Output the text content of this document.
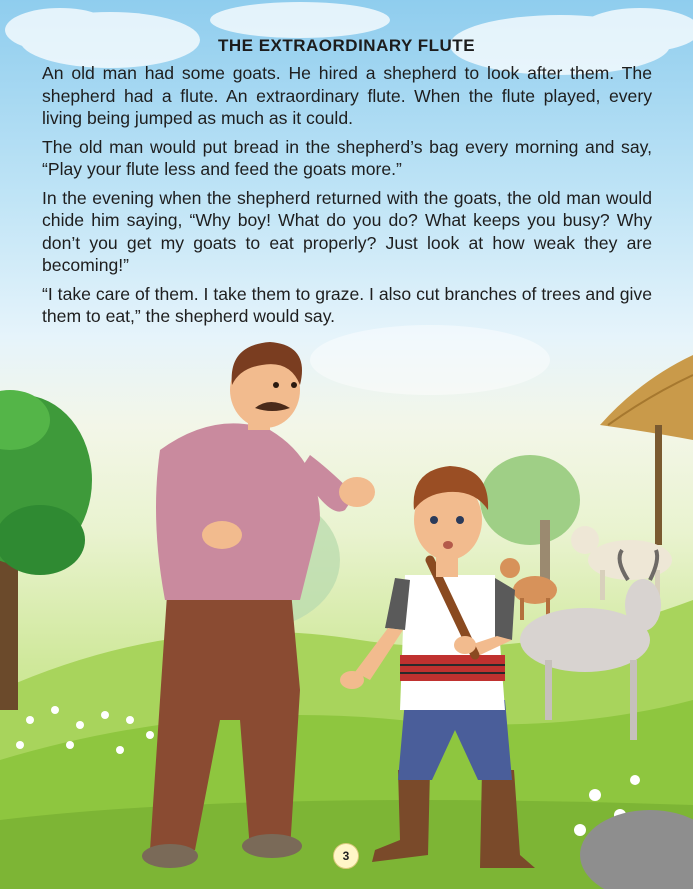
THE EXTRAORDINARY FLUTE

An old man had some goats. He hired a shepherd to look after them. The shepherd had a flute. An extraordinary flute. When the flute played, every living being jumped as much as it could.

The old man would put bread in the shepherd’s bag every morning and say, “Play your flute less and feed the goats more.”

In the evening when the shepherd returned with the goats, the old man would chide him saying, “Why boy! What do you do? What keeps you busy? Why don’t you get my goats to eat properly? Just look at how weak they are becoming!”

“I take care of them. I take them to graze. I also cut branches of trees and give them to eat,” the shepherd would say.

3
